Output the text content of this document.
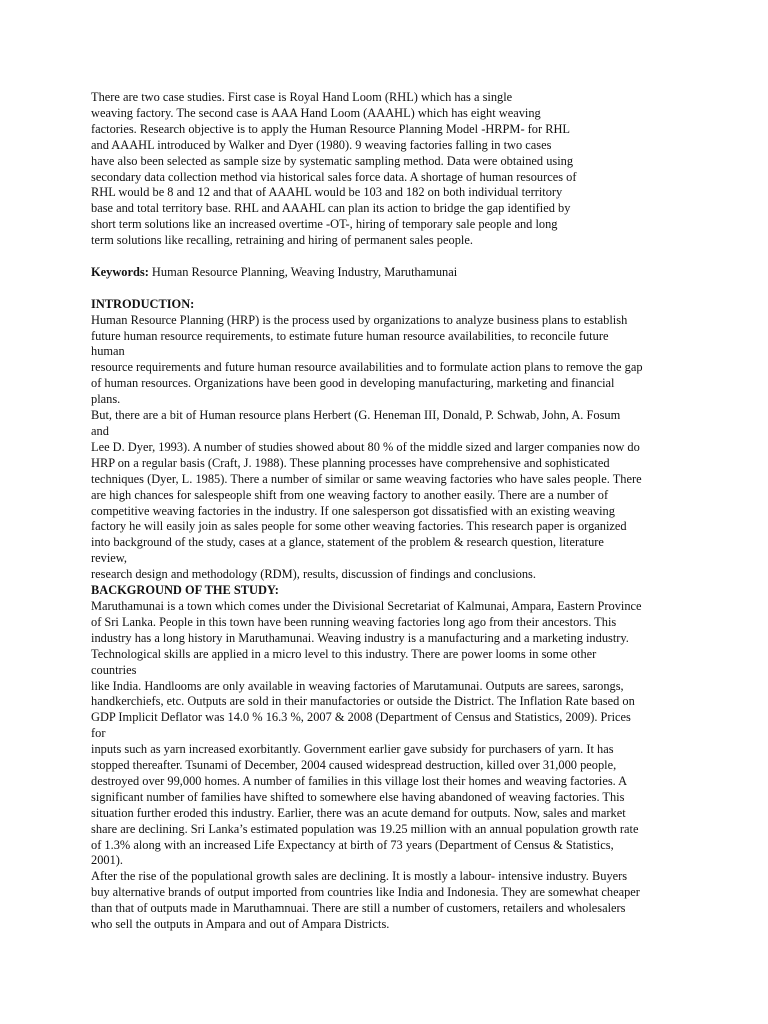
There are two case studies. First case is Royal Hand Loom (RHL) which has a single
weaving factory. The second case is AAA Hand Loom (AAAHL) which has eight weaving
factories. Research objective is to apply the Human Resource Planning Model -HRPM- for RHL
and AAAHL introduced by Walker and Dyer (1980). 9 weaving factories falling in two cases
have also been selected as sample size by systematic sampling method. Data were obtained using
secondary data collection method via historical sales force data. A shortage of human resources of
RHL would be 8 and 12 and that of AAAHL would be 103 and 182 on both individual territory
base and total territory base. RHL and AAAHL can plan its action to bridge the gap identified by
short term solutions like an increased overtime -OT-, hiring of temporary sale people and long
term solutions like recalling, retraining and hiring of permanent sales people.
Keywords: Human Resource Planning, Weaving Industry, Maruthamunai
INTRODUCTION:
Human Resource Planning (HRP) is the process used by organizations to analyze business plans to establish
future human resource requirements, to estimate future human resource availabilities, to reconcile future
human
resource requirements and future human resource availabilities and to formulate action plans to remove the gap
of human resources. Organizations have been good in developing manufacturing, marketing and financial
plans.
But, there are a bit of Human resource plans Herbert (G. Heneman III, Donald, P. Schwab, John, A. Fosum
and
Lee D. Dyer, 1993). A number of studies showed about 80 % of the middle sized and larger companies now do
HRP on a regular basis (Craft, J. 1988). These planning processes have comprehensive and sophisticated
techniques (Dyer, L. 1985). There a number of similar or same weaving factories who have sales people. There
are high chances for salespeople shift from one weaving factory to another easily. There are a number of
competitive weaving factories in the industry. If one salesperson got dissatisfied with an existing weaving
factory he will easily join as sales people for some other weaving factories. This research paper is organized
into background of the study, cases at a glance, statement of the problem & research question, literature
review,
research design and methodology (RDM), results, discussion of findings and conclusions.
BACKGROUND OF THE STUDY:
Maruthamunai is a town which comes under the Divisional Secretariat of Kalmunai, Ampara, Eastern Province
of Sri Lanka. People in this town have been running weaving factories long ago from their ancestors. This
industry has a long history in Maruthamunai. Weaving industry is a manufacturing and a marketing industry.
Technological skills are applied in a micro level to this industry. There are power looms in some other
countries
like India. Handlooms are only available in weaving factories of Marutamunai. Outputs are sarees, sarongs,
handkerchiefs, etc. Outputs are sold in their manufactories or outside the District. The Inflation Rate based on
GDP Implicit Deflator was 14.0 % 16.3 %, 2007 & 2008 (Department of Census and Statistics, 2009). Prices
for
inputs such as yarn increased exorbitantly. Government earlier gave subsidy for purchasers of yarn. It has
stopped thereafter. Tsunami of December, 2004 caused widespread destruction, killed over 31,000 people,
destroyed over 99,000 homes. A number of families in this village lost their homes and weaving factories. A
significant number of families have shifted to somewhere else having abandoned of weaving factories. This
situation further eroded this industry. Earlier, there was an acute demand for outputs. Now, sales and market
share are declining. Sri Lanka’s estimated population was 19.25 million with an annual population growth rate
of 1.3% along with an increased Life Expectancy at birth of 73 years (Department of Census & Statistics,
2001).
After the rise of the populational growth sales are declining. It is mostly a labour- intensive industry. Buyers
buy alternative brands of output imported from countries like India and Indonesia. They are somewhat cheaper
than that of outputs made in Maruthamnuai. There are still a number of customers, retailers and wholesalers
who sell the outputs in Ampara and out of Ampara Districts.
